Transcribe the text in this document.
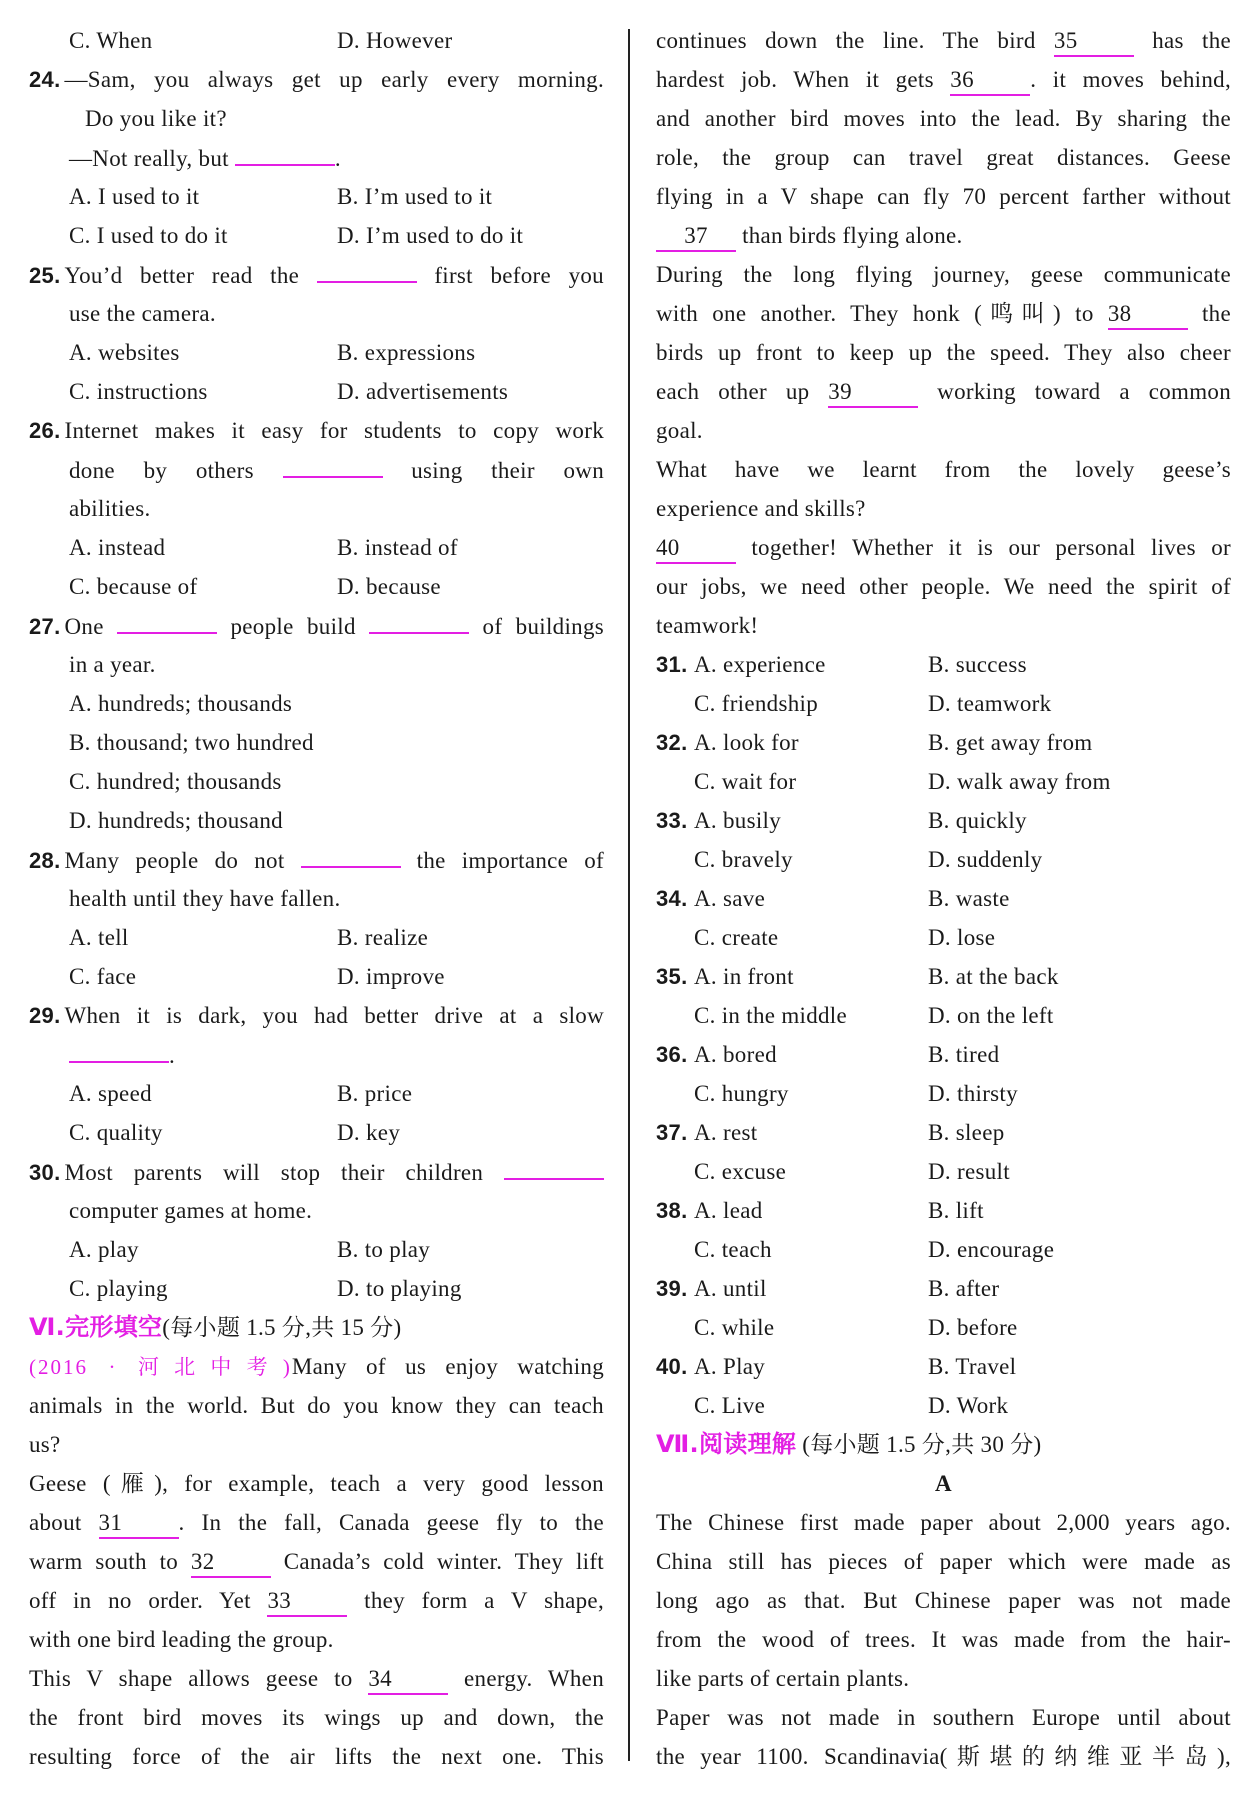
C. When	D. However
24. —Sam, you always get up early every morning.
Do you like it?
—Not really, but	.
A. I used to it	B. I’m used to it
C. I used to do it	D. I’m used to do it
25. You’d better read the	first before you
use the camera.
A. websites	B. expressions
C. instructions	D. advertisements
26. Internet makes it easy for students to copy work
done by others	using their own
abilities.
A. instead	B. instead of
C. because of	D. because
27. One	people build	of buildings
in a year.
A. hundreds; thousands
B. thousand; two hundred
C. hundred; thousands
D. hundreds; thousand
28. Many people do not	the importance of
health until they have fallen.
A. tell	B. realize
C. face	D. improve
29. When it is dark, you had better drive at a slow
.
A. speed	B. price
C. quality	D. key
30. Most parents will stop their children
computer games at home.
A. play	B. to play
C. playing	D. to playing
Ⅵ.完形填空(每小题 1.5 分,共 15 分)
(2016 · 河北中考)Many of us enjoy watching
animals in the world. But do you know they can teach
us?
Geese (雁), for example, teach a very good lesson
about 31 . In the fall, Canada geese fly to the
warm south to 32	Canada’s cold winter. They lift
off in no order. Yet 33	they form a V shape,
with one bird leading the group.
This V shape allows geese to 34	energy. When
the front bird moves its wings up and down, the
resulting force of the air lifts the next one. This
continues down the line. The bird 35	has the
hardest job. When it gets 36 . it moves behind,
and another bird moves into the lead. By sharing the
role, the group can travel great distances. Geese
flying in a V shape can fly 70 percent farther without
37 than birds flying alone.
During the long flying journey, geese communicate
with one another. They honk (鸣叫) to 38	the
birds up front to keep up the speed. They also cheer
each other up 39	working toward a common
goal.
What have we learnt from the lovely geese’s
experience and skills?
40	together! Whether it is our personal lives or
our jobs, we need other people. We need the spirit of
teamwork!
31. A. experience	B. success
C. friendship	D. teamwork
32. A. look for	B. get away from
C. wait for	D. walk away from
33. A. busily	B. quickly
C. bravely	D. suddenly
34. A. save	B. waste
C. create	D. lose
35. A. in front	B. at the back
C. in the middle	D. on the left
36. A. bored	B. tired
C. hungry	D. thirsty
37. A. rest	B. sleep
C. excuse	D. result
38. A. lead	B. lift
C. teach	D. encourage
39. A. until	B. after
C. while	D. before
40. A. Play	B. Travel
C. Live	D. Work
Ⅶ.阅读理解 (每小题 1.5 分,共 30 分)
A
The Chinese first made paper about 2,000 years ago.
China still has pieces of paper which were made as
long ago as that. But Chinese paper was not made
from the wood of trees. It was made from the hair-
like parts of certain plants.
Paper was not made in southern Europe until about
the year 1100. Scandinavia(斯堪的纳维亚半岛),
